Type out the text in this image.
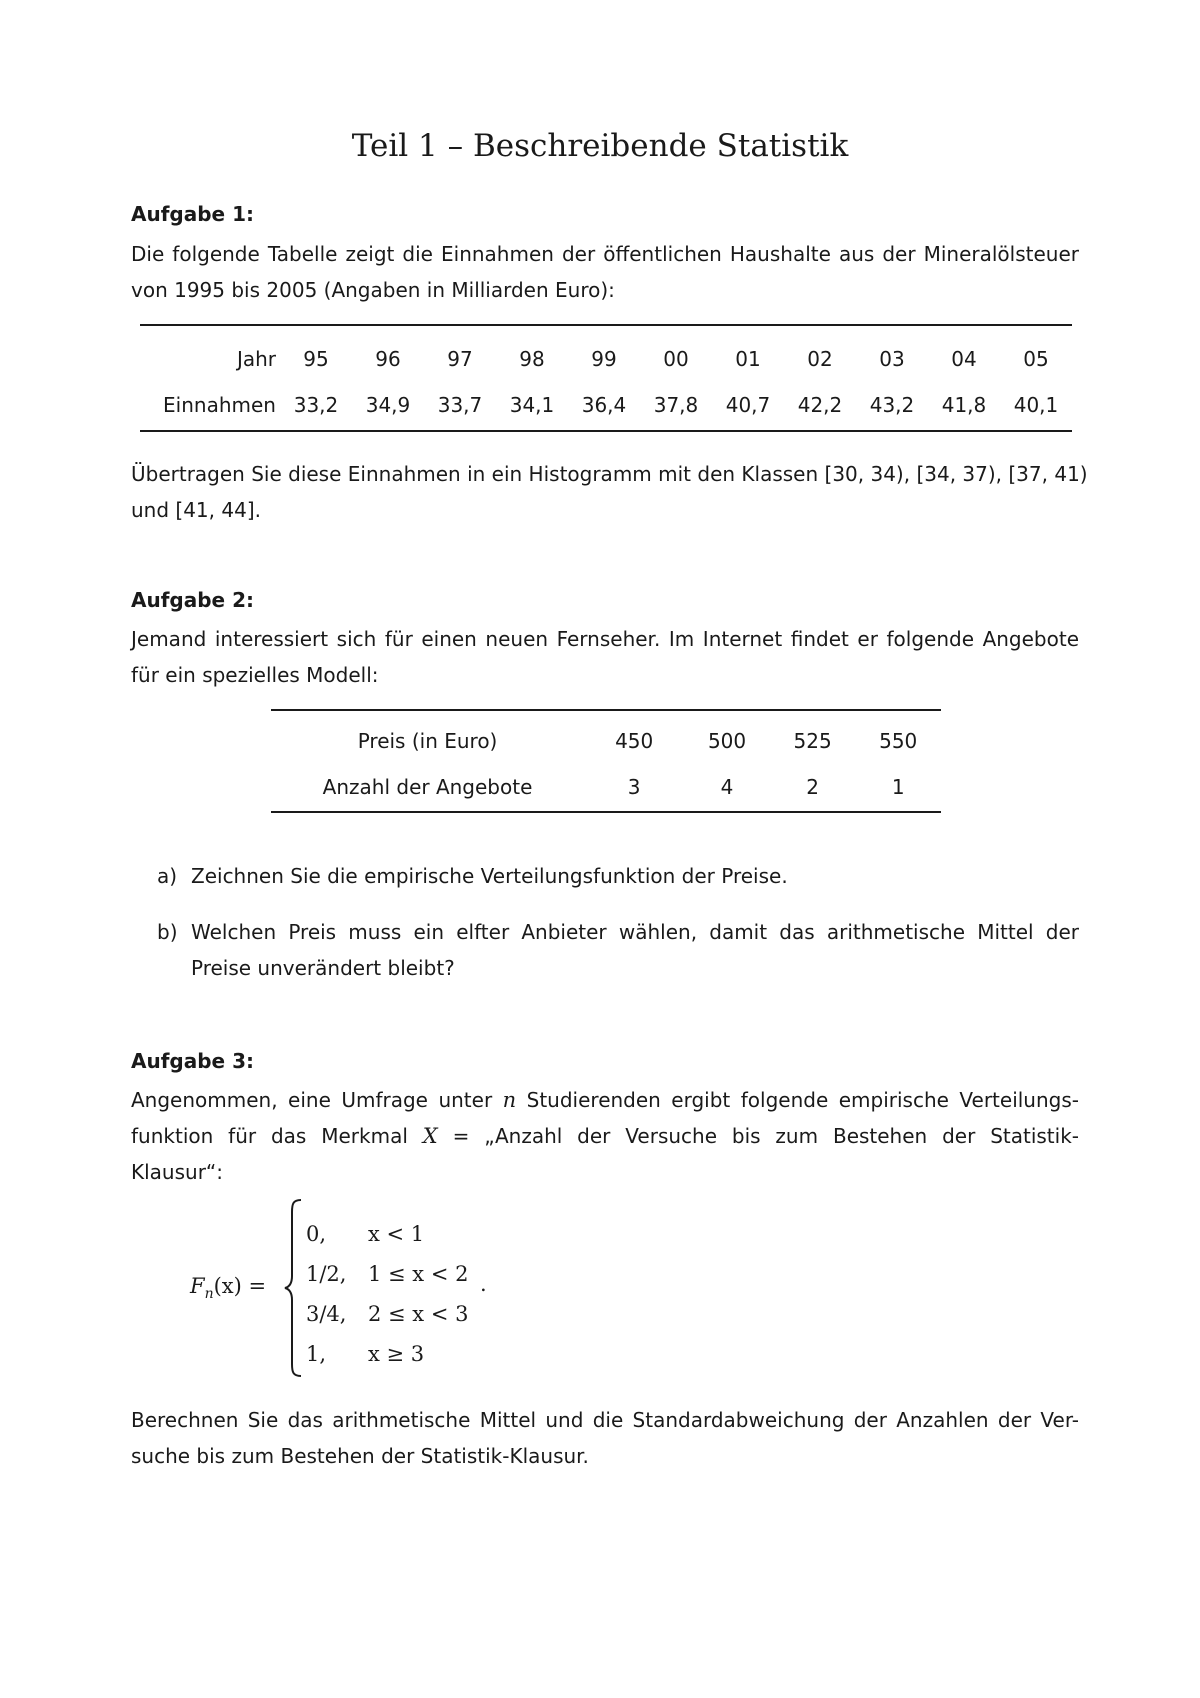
Teil 1 – Beschreibende Statistik

Aufgabe 1:

Die folgende Tabelle zeigt die Einnahmen der öffentlichen Haushalte aus der Mineralölsteuer
von 1995 bis 2005 (Angaben in Milliarden Euro):
Jahr	95	96	97	98	99	00	01	02	03	04	05
Einnahmen	33,2	34,9	33,7	34,1	36,4	37,8	40,7	42,2	43,2	41,8	40,1
Übertragen Sie diese Einnahmen in ein Histogramm mit den Klassen [30, 34), [34, 37), [37, 41)
und [41, 44].

Aufgabe 2:

Jemand interessiert sich für einen neuen Fernseher. Im Internet findet er folgende Angebote
für ein spezielles Modell:
Preis (in Euro)	450	500	525	550
Anzahl der Angebote	3	4	2	1
a) Zeichnen Sie die empirische Verteilungsfunktion der Preise.
b) Welchen Preis muss ein elfter Anbieter wählen, damit das arithmetische Mittel der
Preise unverändert bleibt?

Aufgabe 3:

Angenommen, eine Umfrage unter n Studierenden ergibt folgende empirische Verteilungs-
funktion für das Merkmal X = „Anzahl der Versuche bis zum Bestehen der Statistik-
Klausur“:
$F_n(x)$ =
0, x < 1
1/2, 1 ≤ x < 2
3/4, 2 ≤ x < 3
1, x ≥ 3
.
Berechnen Sie das arithmetische Mittel und die Standardabweichung der Anzahlen der Ver-
suche bis zum Bestehen der Statistik-Klausur.
